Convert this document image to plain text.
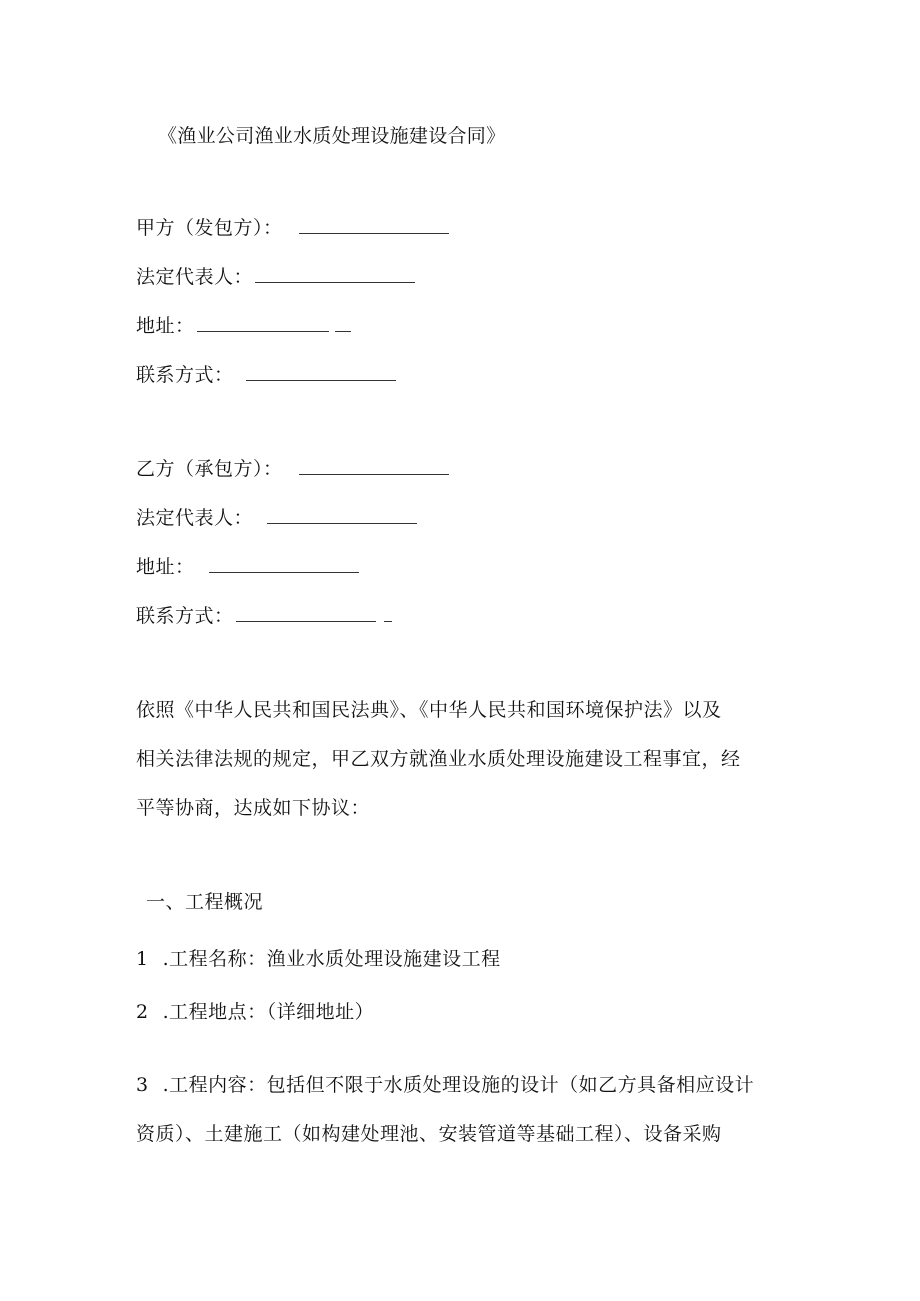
《渔业公司渔业水质处理设施建设合同》
甲方（发包方）：
法定代表人：
地址：
联系方式：
乙方（承包方）：
法定代表人：
地址：
联系方式：
依照《中华人民共和国民法典》、《中华人民共和国环境保护法》以及
相关法律法规的规定，甲乙双方就渔业水质处理设施建设工程事宜，经
平等协商，达成如下协议：
一、工程概况
1 .工程名称：渔业水质处理设施建设工程
2 .工程地点：（详细地址）
3 .工程内容：包括但不限于水质处理设施的设计（如乙方具备相应设计
资质）、土建施工（如构建处理池、安装管道等基础工程）、设备采购
